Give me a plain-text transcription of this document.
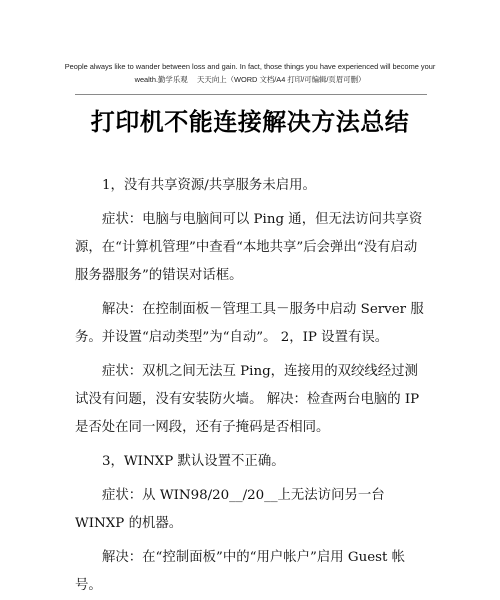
People always like to wander between loss and gain. In fact, those things you have experienced will become your
wealth.勤学乐观　 天天向上（WORD 文档/A4 打印/可编辑/页眉可删）
打印机不能连接解决方法总结

1，没有共享资源/共享服务未启用。

症状：电脑与电脑间可以 Ping 通，但无法访问共享资源，在“计算机管理”中查看“本地共享”后会弹出“没有启动服务器服务”的错误对话框。

解决：在控制面板－管理工具－服务中启动 Server 服务。并设置“启动类型”为“自动”。 2，IP 设置有误。

症状：双机之间无法互 Ping，连接用的双绞线经过测试没有问题，没有安装防火墙。 解决：检查两台电脑的 IP 是否处在同一网段，还有子掩码是否相同。

3，WINXP 默认设置不正确。

症状：从 WIN98/20__/20__上无法访问另一台 WINXP 的机器。

解决：在“控制面板”中的“用户帐户”启用 Guest 帐号。
